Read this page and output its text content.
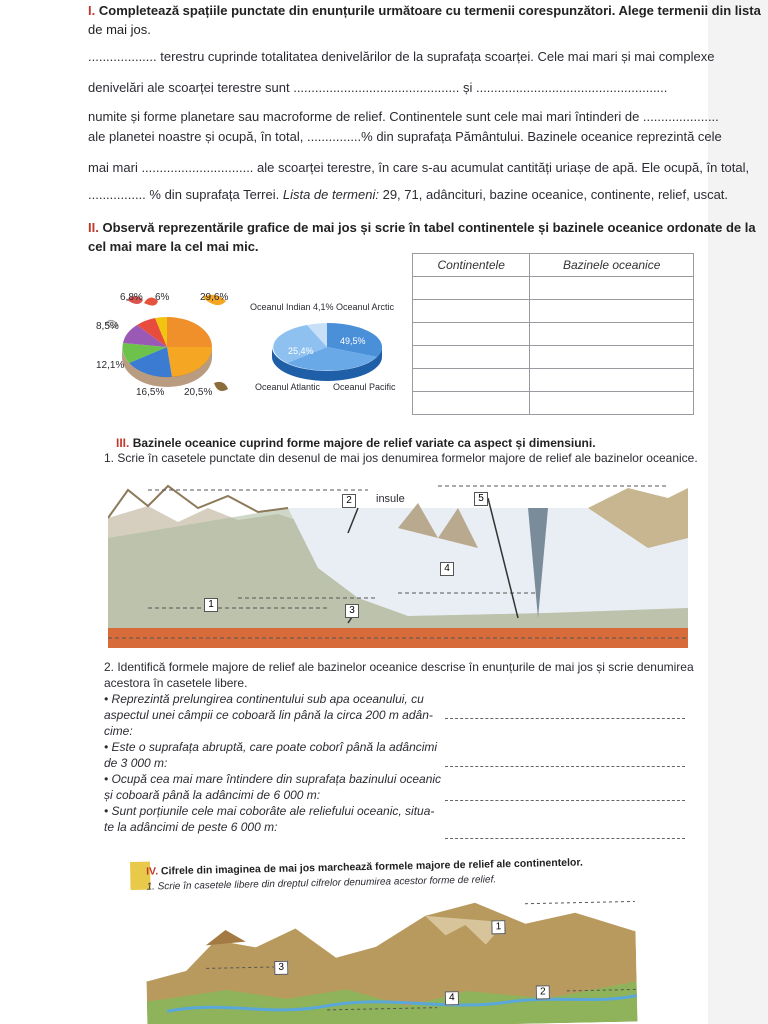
I. Completează spațiile punctate din enunțurile următoare cu termenii corespunzători. Alege termenii din lista
de mai jos.
................... terestru cuprinde totalitatea denivelărilor de la suprafața scoarței. Cele mai mari și mai complexe
denivelări ale scoarței terestre sunt .............................................. și .....................................................
numite și forme planetare sau macroforme de relief. Continentele sunt cele mai mari întinderi de .....................
ale planetei noastre și ocupă, în total, ...............% din suprafața Pământului. Bazinele oceanice reprezintă cele
mai mari ............................... ale scoarței terestre, în care s-au acumulat cantități uriașe de apă. Ele ocupă, în total,
................ % din suprafața Terrei. Lista de termeni: 29, 71, adâncituri, bazine oceanice, continente, relief, uscat.
II. Observă reprezentările grafice de mai jos și scrie în tabel continentele și bazinele oceanice ordonate de la
cel mai mare la cel mai mic.
6,8% 6%	29,6%
8,5%
12,1%
16,5% 20,5%
Oceanul Indian 4,1% Oceanul Arctic
49,5%
25,4%
Oceanul Atlantic Oceanul Pacific
Continentele	Bazinele oceanice

III. Bazinele oceanice cuprind forme majore de relief variate ca aspect și dimensiuni.
1. Scrie în casetele punctate din desenul de mai jos denumirea formelor majore de relief ale bazinelor oceanice.
2	insule	5
4
1
3
2. Identifică formele majore de relief ale bazinelor oceanice descrise în enunțurile de mai jos și scrie denumirea
acestora în casetele libere.
• Reprezintă prelungirea continentului sub apa oceanului, cu
aspectul unei câmpii ce coboară lin până la circa 200 m adân-
cime:
• Este o suprafața abruptă, care poate coborî până la adâncimi
de 3 000 m:
• Ocupă cea mai mare întindere din suprafața bazinului oceanic
și coboară până la adâncimi de 6 000 m:
• Sunt porțiunile cele mai coborâte ale reliefului oceanic, situa-
te la adâncimi de peste 6 000 m:
IV. Cifrele din imaginea de mai jos marchează formele majore de relief ale continentelor.
1. Scrie în casetele libere din dreptul cifrelor denumirea acestor forme de relief.
1
2
3
4
